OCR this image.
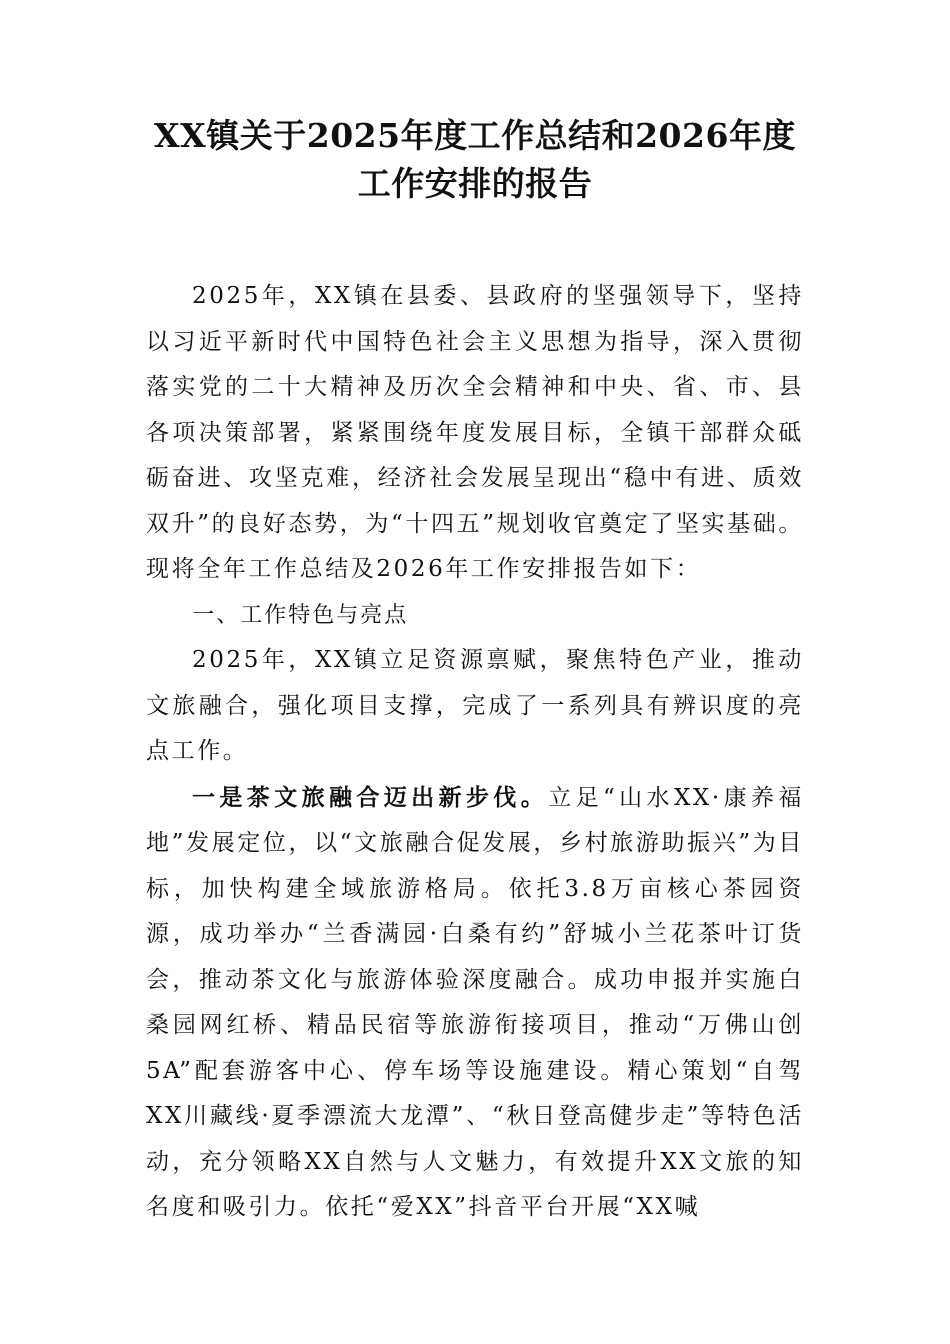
XX镇关于2025年度工作总结和2026年度
工作安排的报告

2025年，XX镇在县委、县政府的坚强领导下，坚持以习近平新时代中国特色社会主义思想为指导，深入贯彻落实党的二十大精神及历次全会精神和中央、省、市、县各项决策部署，紧紧围绕年度发展目标，全镇干部群众砥砺奋进、攻坚克难，经济社会发展呈现出“稳中有进、质效双升”的良好态势，为“十四五”规划收官奠定了坚实基础。现将全年工作总结及2026年工作安排报告如下：

一、工作特色与亮点

2025年，XX镇立足资源禀赋，聚焦特色产业，推动文旅融合，强化项目支撑，完成了一系列具有辨识度的亮点工作。

一是茶文旅融合迈出新步伐。立足“山水XX·康养福地”发展定位，以“文旅融合促发展，乡村旅游助振兴”为目标，加快构建全域旅游格局。依托3.8万亩核心茶园资源，成功举办“兰香满园·白桑有约”舒城小兰花茶叶订货会，推动茶文化与旅游体验深度融合。成功申报并实施白桑园网红桥、精品民宿等旅游衔接项目，推动“万佛山创5A”配套游客中心、停车场等设施建设。精心策划“自驾XX川藏线·夏季漂流大龙潭”、“秋日登高健步走”等特色活动，充分领略XX自然与人文魅力，有效提升XX文旅的知名度和吸引力。依托“爱XX”抖音平台开展“XX喊
